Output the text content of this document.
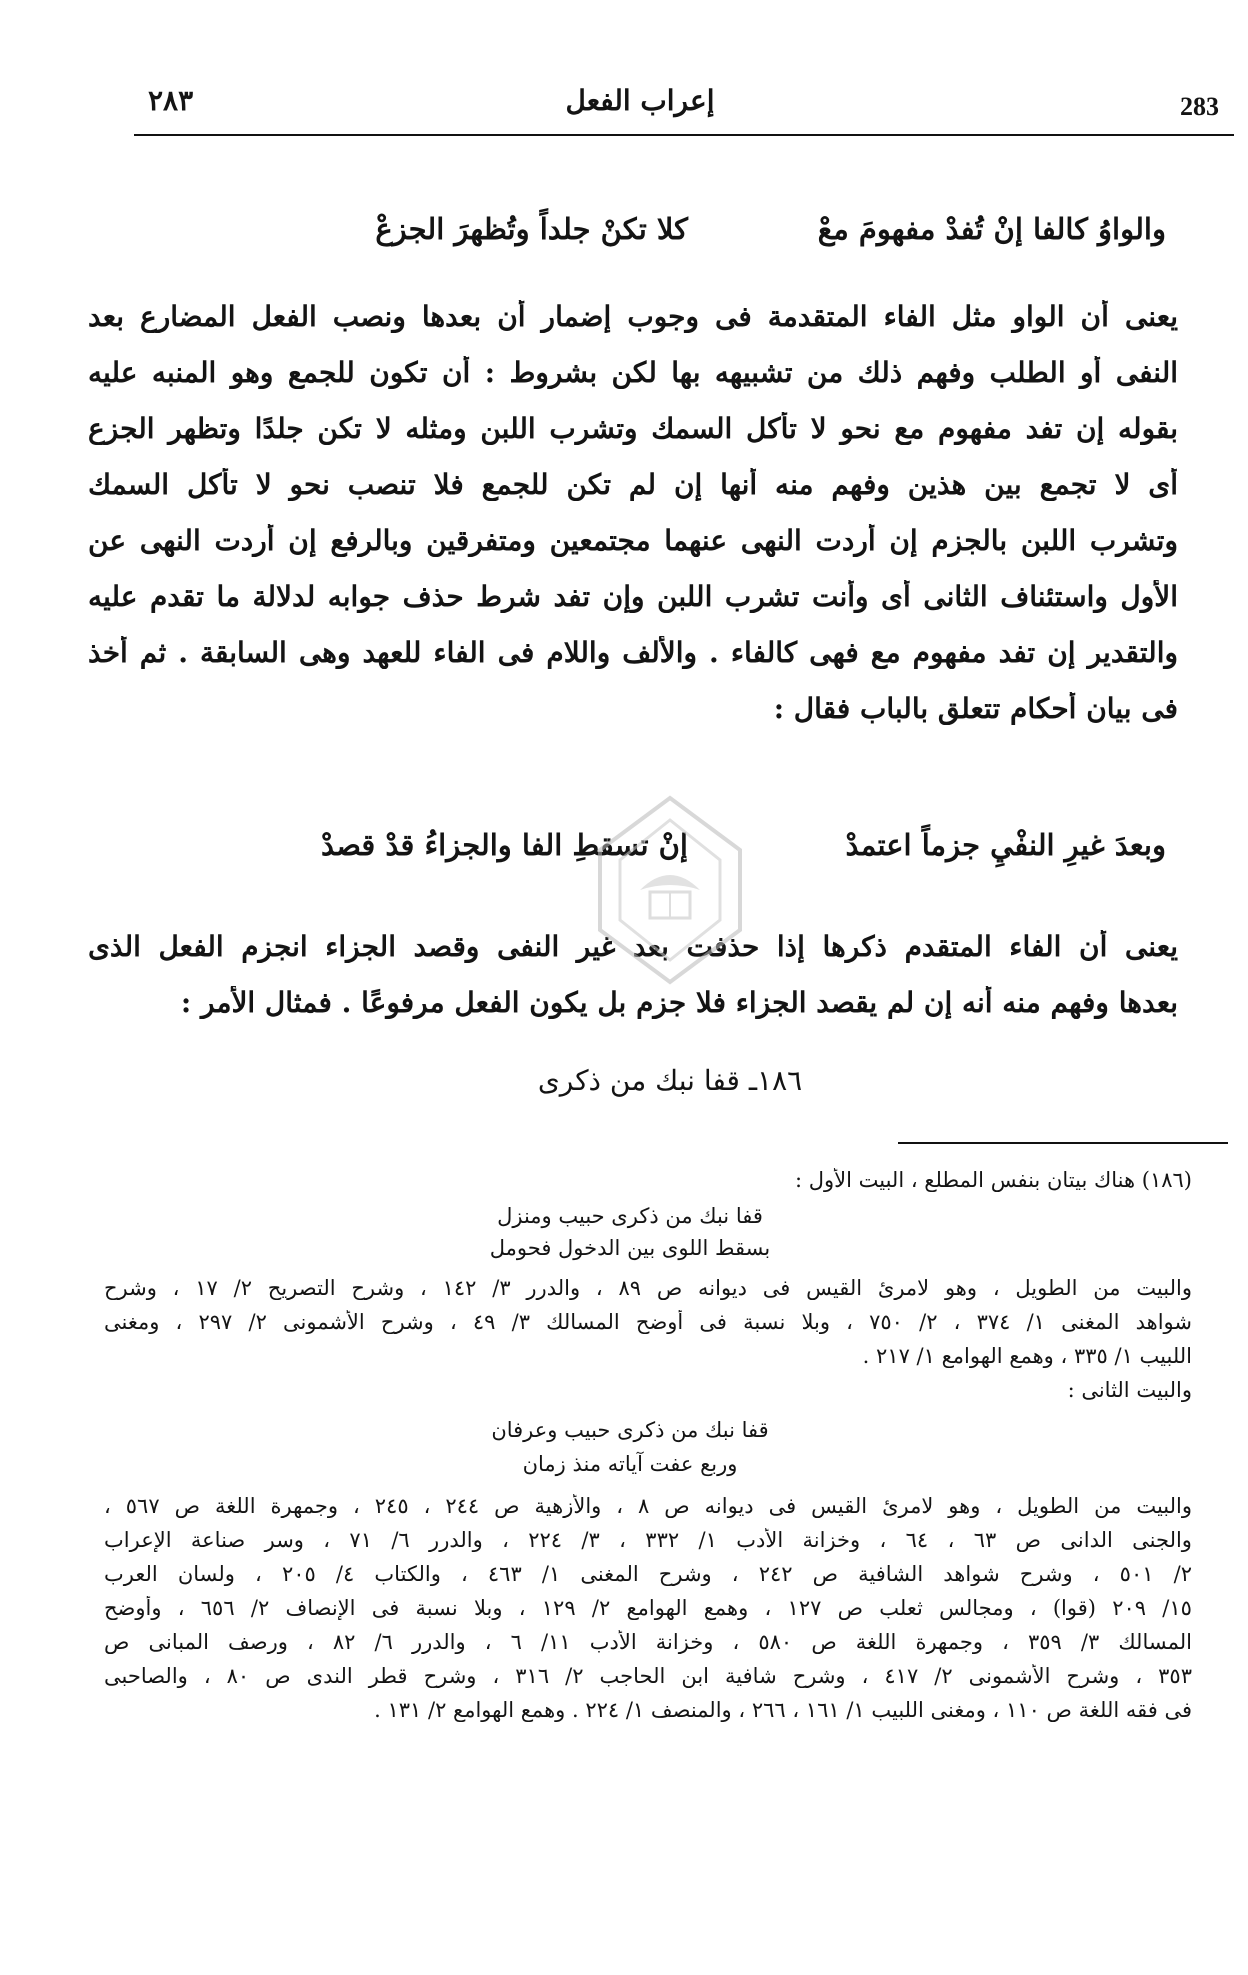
283
إعراب الفعل
٢٨٣
والواوُ كالفا إنْ تُفدْ مفهومَ معْ
كلا تكنْ جلداً وتُظهرَ الجزعْ
يعنى أن الواو مثل الفاء المتقدمة فى وجوب إضمار أن بعدها ونصب الفعل المضارع بعد
النفى أو الطلب وفهم ذلك من تشبيهه بها لكن بشروط : أن تكون للجمع وهو المنبه عليه
بقوله إن تفد مفهوم مع نحو لا تأكل السمك وتشرب اللبن ومثله لا تكن جلدًا وتظهر الجزع
أى لا تجمع بين هذين وفهم منه أنها إن لم تكن للجمع فلا تنصب نحو لا تأكل السمك
وتشرب اللبن بالجزم إن أردت النهى عنهما مجتمعين ومتفرقين وبالرفع إن أردت النهى عن
الأول واستئناف الثانى أى وأنت تشرب اللبن وإن تفد شرط حذف جوابه لدلالة ما تقدم عليه
والتقدير إن تفد مفهوم مع فهى كالفاء . والألف واللام فى الفاء للعهد وهى السابقة . ثم أخذ
فى بيان أحكام تتعلق بالباب فقال :
وبعدَ غيرِ النفْيِ جزماً اعتمدْ
إنْ تسقطِ الفا والجزاءُ قدْ قصدْ
يعنى أن الفاء المتقدم ذكرها إذا حذفت بعد غير النفى وقصد الجزاء انجزم الفعل الذى
بعدها وفهم منه أنه إن لم يقصد الجزاء فلا جزم بل يكون الفعل مرفوعًا . فمثال الأمر :
١٨٦ـ قفا نبك من ذكرى
(١٨٦) هناك بيتان بنفس المطلع ، البيت الأول :
قفا نبك من ذكرى حبيب ومنزل
بسقط اللوى بين الدخول فحومل
والبيت من الطويل ، وهو لامرئ القيس فى ديوانه ص ٨٩ ، والدرر ٣/ ١٤٢ ، وشرح التصريح ٢/ ١٧ ، وشرح
شواهد المغنى ١/ ٣٧٤ ، ٢/ ٧٥٠ ، وبلا نسبة فى أوضح المسالك ٣/ ٤٩ ، وشرح الأشمونى ٢/ ٢٩٧ ، ومغنى
اللبيب ١/ ٣٣٥ ، وهمع الهوامع ١/ ٢١٧ .
والبيت الثانى :
قفا نبك من ذكرى حبيب وعرفان
وربع عفت آياته منذ زمان
والبيت من الطويل ، وهو لامرئ القيس فى ديوانه ص ٨ ، والأزهية ص ٢٤٤ ، ٢٤٥ ، وجمهرة اللغة ص ٥٦٧ ،
والجنى الدانى ص ٦٣ ، ٦٤ ، وخزانة الأدب ١/ ٣٣٢ ، ٣/ ٢٢٤ ، والدرر ٦/ ٧١ ، وسر صناعة الإعراب
٢/ ٥٠١ ، وشرح شواهد الشافية ص ٢٤٢ ، وشرح المغنى ١/ ٤٦٣ ، والكتاب ٤/ ٢٠٥ ، ولسان العرب
١٥/ ٢٠٩ (قوا) ، ومجالس ثعلب ص ١٢٧ ، وهمع الهوامع ٢/ ١٢٩ ، وبلا نسبة فى الإنصاف ٢/ ٦٥٦ ، وأوضح
المسالك ٣/ ٣٥٩ ، وجمهرة اللغة ص ٥٨٠ ، وخزانة الأدب ١١/ ٦ ، والدرر ٦/ ٨٢ ، ورصف المبانى ص
٣٥٣ ، وشرح الأشمونى ٢/ ٤١٧ ، وشرح شافية ابن الحاجب ٢/ ٣١٦ ، وشرح قطر الندى ص ٨٠ ، والصاحبى
فى فقه اللغة ص ١١٠ ، ومغنى اللبيب ١/ ١٦١ ، ٢٦٦ ، والمنصف ١/ ٢٢٤ . وهمع الهوامع ٢/ ١٣١ .
